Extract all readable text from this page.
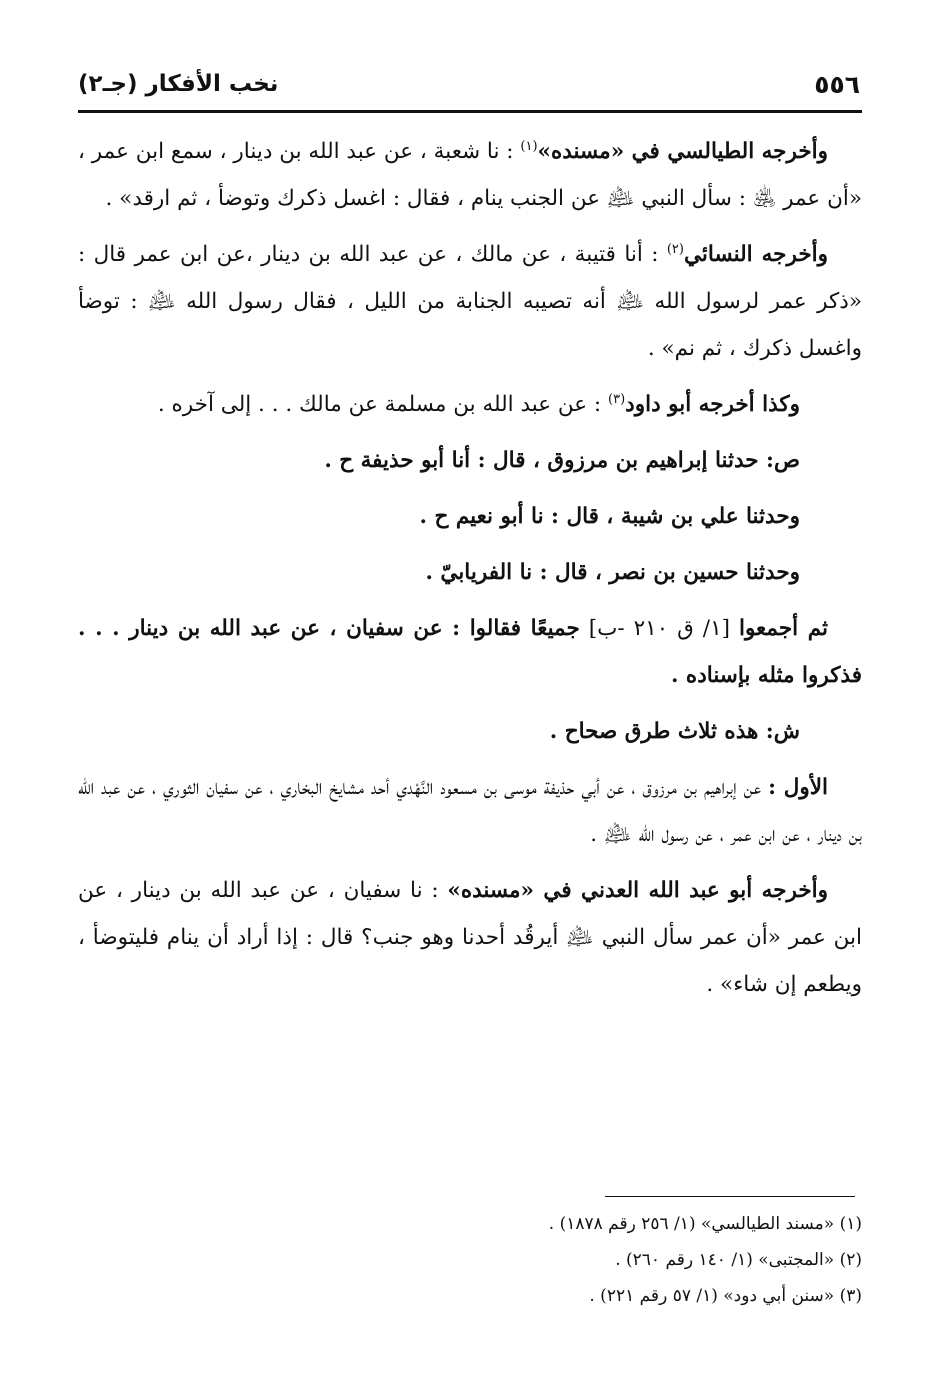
٥٥٦
نخب الأفكار (جـ٢)

وأخرجه الطيالسي في «مسنده»$^{(١)}$ : نا شعبة ، عن عبد الله بن دينار ، سمع ابن عمر ، «أن عمر ﵁ : سأل النبي ﵇ عن الجنب ينام ، فقال : اغسل ذكرك وتوضأ ، ثم ارقد» .

وأخرجه النسائي$^{(٢)}$ : أنا قتيبة ، عن مالك ، عن عبد الله بن دينار ،عن ابن عمر قال : «ذكر عمر لرسول الله ﵇ أنه تصيبه الجنابة من الليل ، فقال رسول الله ﵇ : توضأ واغسل ذكرك ، ثم نم» .

وكذا أخرجه أبو داود$^{(٣)}$ : عن عبد الله بن مسلمة عن مالك . . . إلى آخره .

ص: حدثنا إبراهيم بن مرزوق ، قال : أنا أبو حذيفة ح .

وحدثنا علي بن شيبة ، قال : نا أبو نعيم ح .

وحدثنا حسين بن نصر ، قال : نا الفريابيّ .

ثم أجمعوا [١/ ق ٢١٠ -ب] جميعًا فقالوا : عن سفيان ، عن عبد الله بن دينار . . . فذكروا مثله بإسناده .

ش: هذه ثلاث طرق صحاح .

الأول : عن إبراهيم بن مرزوق ، عن أبي حذيفة موسى بن مسعود النَّهْدي أحد مشايخ البخاري ، عن سفيان الثوري ، عن عبد الله بن دينار ، عن ابن عمر ، عن رسول الله ﵇ .

وأخرجه أبو عبد الله العدني في «مسنده» : نا سفيان ، عن عبد الله بن دينار ، عن ابن عمر «أن عمر سأل النبي ﵇ أيرقُد أحدنا وهو جنب؟ قال : إذا أراد أن ينام فليتوضأ ، ويطعم إن شاء» .

(١) «مسند الطيالسي» (١/ ٢٥٦ رقم ١٨٧٨) .
(٢) «المجتبى» (١/ ١٤٠ رقم ٢٦٠) .
(٣) «سنن أبي دود» (١/ ٥٧ رقم ٢٢١) .
